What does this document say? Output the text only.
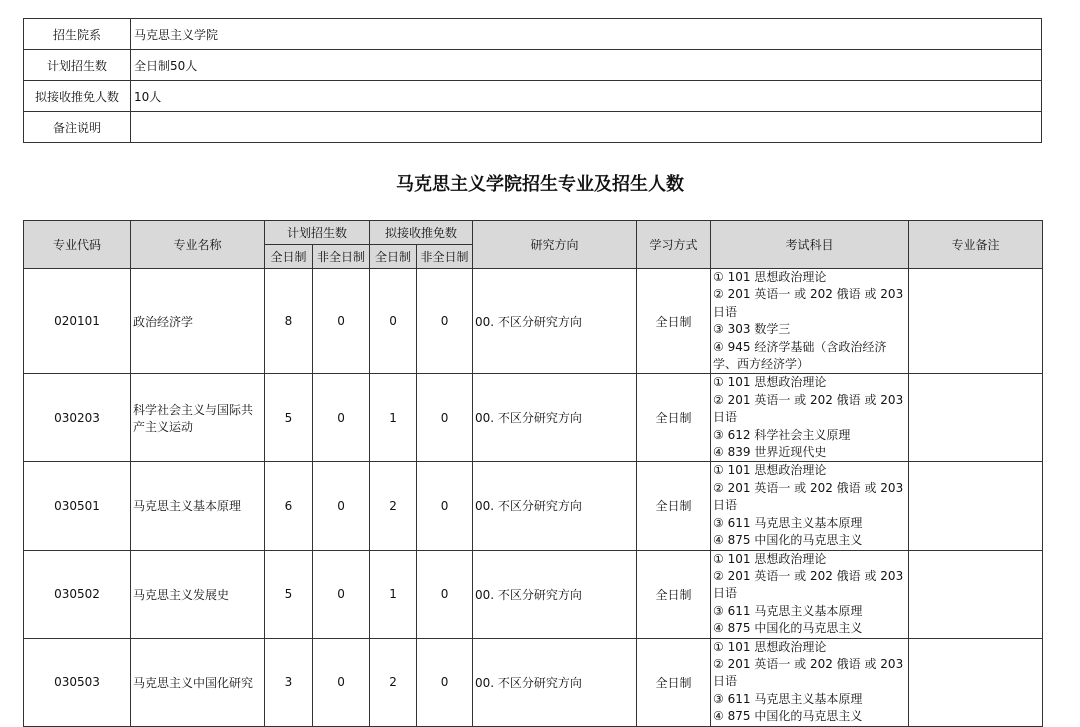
招生院系	马克思主义学院
计划招生数	全日制50人
拟接收推免人数	10人
备注说明	
马克思主义学院招生专业及招生人数
专业代码	专业名称	计划招生数		拟接收推免数		研究方向	学习方式	考试科目	专业备注
		全日制	非全日制	全日制	非全日制				
020101	政治经济学	8	0	0	0	00. 不区分研究方向	全日制	① 101 思想政治理论
② 201 英语一 或 202 俄语 或 203 日语
③ 303 数学三
④ 945 经济学基础（含政治经济学、西方经济学）	

030203	科学社会主义与国际共产主义运动	5	0	1	0	00. 不区分研究方向	全日制	① 101 思想政治理论
② 201 英语一 或 202 俄语 或 203 日语
③ 612 科学社会主义原理
④ 839 世界近现代史	

030501	马克思主义基本原理	6	0	2	0	00. 不区分研究方向	全日制	① 101 思想政治理论
② 201 英语一 或 202 俄语 或 203 日语
③ 611 马克思主义基本原理
④ 875 中国化的马克思主义	

030502	马克思主义发展史	5	0	1	0	00. 不区分研究方向	全日制	① 101 思想政治理论
② 201 英语一 或 202 俄语 或 203 日语
③ 611 马克思主义基本原理
④ 875 中国化的马克思主义	

030503	马克思主义中国化研究	3	0	2	0	00. 不区分研究方向	全日制	① 101 思想政治理论
② 201 英语一 或 202 俄语 或 203 日语
③ 611 马克思主义基本原理
④ 875 中国化的马克思主义	
